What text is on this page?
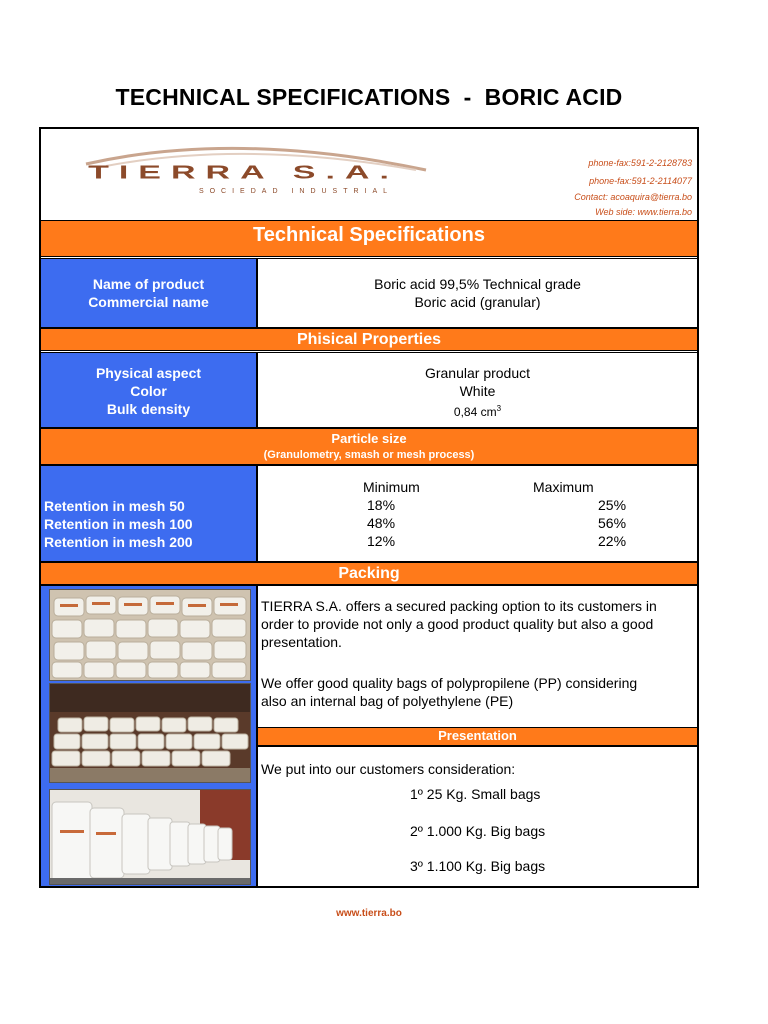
TECHNICAL SPECIFICATIONS  -  BORIC ACID
TIERRA S.A.
SOCIEDAD INDUSTRIAL
phone-fax:591-2-2128783
phone-fax:591-2-2114077
Contact: acoaquira@tierra.bo
Web side: www.tierra.bo
Technical Specifications
Name of product
Commercial name
Boric acid 99,5% Technical grade
Boric acid (granular)
Phisical Properties
Physical aspect
Color
Bulk density
Granular product
White
0,84 $cm^3$
Particle size
(Granulometry, smash or mesh process)
Retention in mesh 50
Retention in mesh 100
Retention in mesh 200
Minimum	Maximum
18%
48%
12%
25%
56%
22%
Packing
TIERRA S.A. offers a secured packing option to its customers in order to provide not only a good product quality but also a good presentation.
We offer good quality bags of polypropilene (PP) considering also an internal bag of polyethylene (PE)
Presentation
We put into our customers consideration:
1º 25 Kg. Small bags
2º 1.000 Kg. Big bags
3º 1.100 Kg. Big bags
www.tierra.bo
